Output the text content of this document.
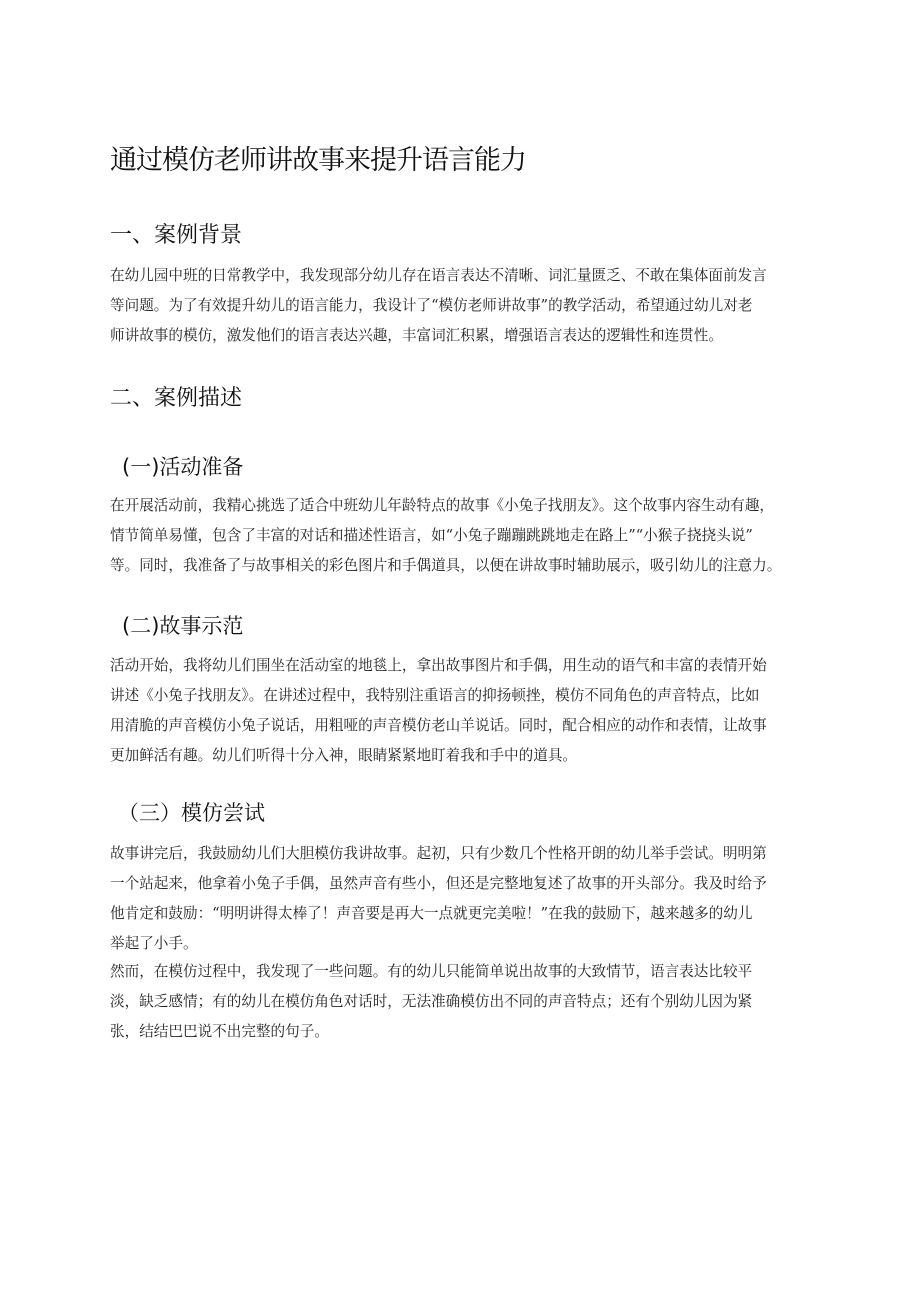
通过模仿老师讲故事来提升语言能力
一、案例背景
在幼儿园中班的日常教学中，我发现部分幼儿存在语言表达不清晰、词汇量匮乏、不敢在集体面前发言
等问题。为了有效提升幼儿的语言能力，我设计了“模仿老师讲故事”的教学活动，希望通过幼儿对老
师讲故事的模仿，激发他们的语言表达兴趣，丰富词汇积累，增强语言表达的逻辑性和连贯性。
二、案例描述
(一)活动准备
在开展活动前，我精心挑选了适合中班幼儿年龄特点的故事《小兔子找朋友》。这个故事内容生动有趣，
情节简单易懂，包含了丰富的对话和描述性语言，如“小兔子蹦蹦跳跳地走在路上”“小猴子挠挠头说”
等。同时，我准备了与故事相关的彩色图片和手偶道具，以便在讲故事时辅助展示，吸引幼儿的注意力。
(二)故事示范
活动开始，我将幼儿们围坐在活动室的地毯上，拿出故事图片和手偶，用生动的语气和丰富的表情开始
讲述《小兔子找朋友》。在讲述过程中，我特别注重语言的抑扬顿挫，模仿不同角色的声音特点，比如
用清脆的声音模仿小兔子说话，用粗哑的声音模仿老山羊说话。同时，配合相应的动作和表情，让故事
更加鲜活有趣。幼儿们听得十分入神，眼睛紧紧地盯着我和手中的道具。
（三）模仿尝试
故事讲完后，我鼓励幼儿们大胆模仿我讲故事。起初，只有少数几个性格开朗的幼儿举手尝试。明明第
一个站起来，他拿着小兔子手偶，虽然声音有些小，但还是完整地复述了故事的开头部分。我及时给予
他肯定和鼓励：“明明讲得太棒了！声音要是再大一点就更完美啦！”在我的鼓励下，越来越多的幼儿
举起了小手。
然而，在模仿过程中，我发现了一些问题。有的幼儿只能简单说出故事的大致情节，语言表达比较平
淡，缺乏感情；有的幼儿在模仿角色对话时，无法准确模仿出不同的声音特点；还有个别幼儿因为紧
张，结结巴巴说不出完整的句子。
